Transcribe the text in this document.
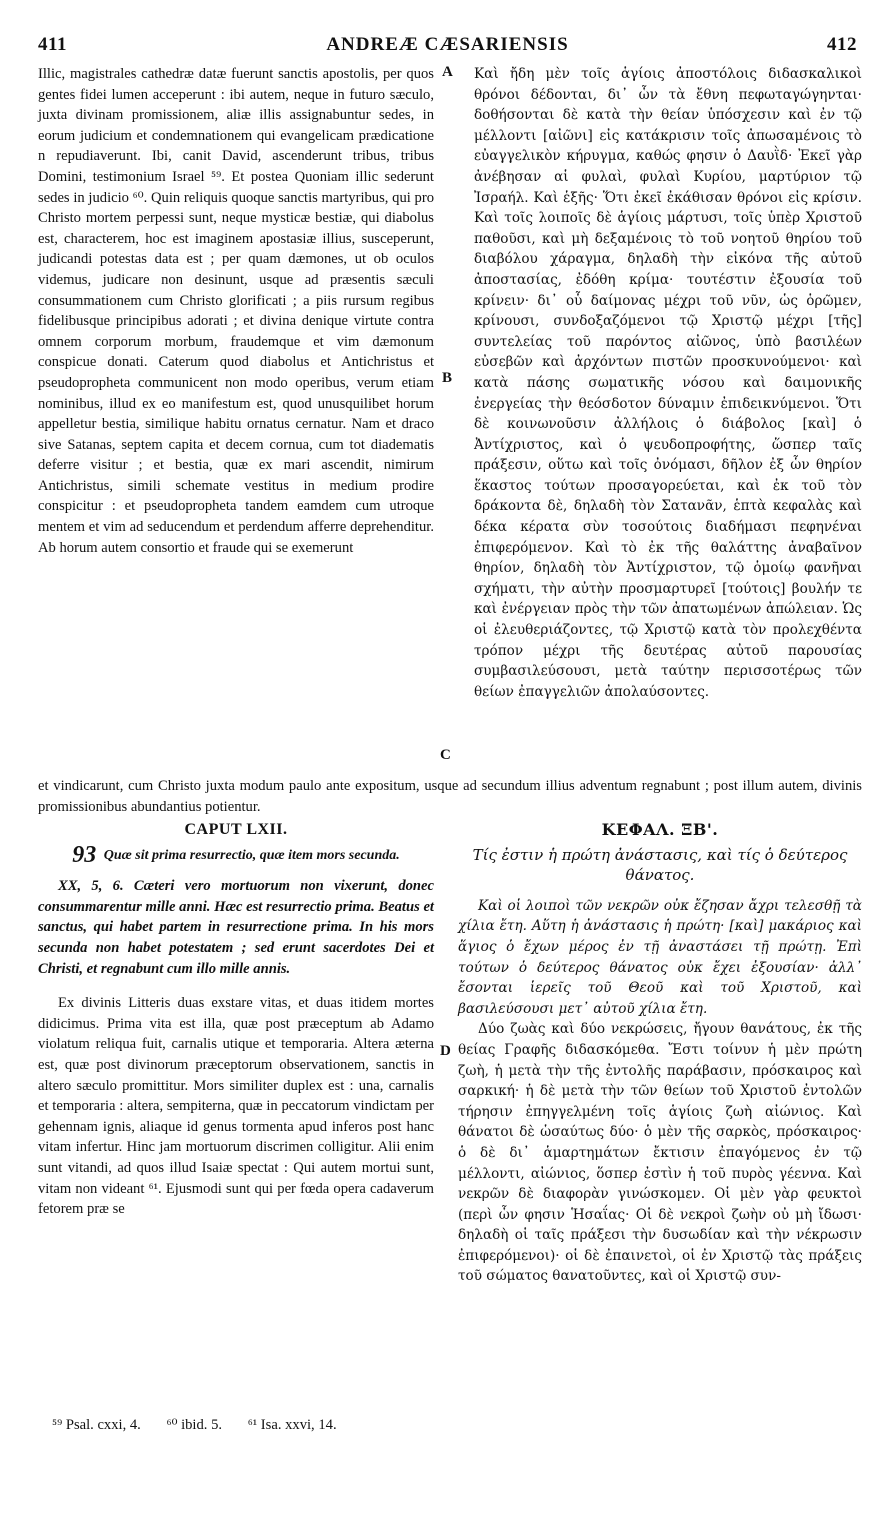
411	ANDREÆ CÆSARIENSIS	412
A
B
C
D
Illic, magistrales cathedræ datæ fuerunt sanctis apostolis, per quos gentes fidei lumen acceperunt : ibi autem, neque in futuro sæculo, juxta divinam promissionem, aliæ illis assignabuntur sedes, in eorum judicium et condemnationem qui evangelicam prædicatione n repudiaverunt. Ibi, canit David, ascenderunt tribus, tribus Domini, testimonium Israel ⁵⁹. Et postea Quoniam illic sederunt sedes in judicio ⁶⁰. Quin reliquis quoque sanctis martyribus, qui pro Christo mortem perpessi sunt, neque mysticæ bestiæ, qui diabolus est, characterem, hoc est imaginem apostasiæ illius, susceperunt, judicandi potestas data est ; per quam dæmones, ut ob oculos videmus, judicare non desinunt, usque ad præsentis sæculi consummationem cum Christo glorificati ; a piis rursum regibus fidelibusque principibus adorati ; et divina denique virtute contra omnem corporum morbum, fraudemque et vim dæmonum conspicue donati. Caterum quod diabolus et Antichristus et pseudopropheta communicent non modo operibus, verum etiam nominibus, illud ex eo manifestum est, quod unusquilibet horum appelletur bestia, similique habitu ornatus cernatur. Nam et draco sive Satanas, septem capita et decem cornua, cum tot diadematis deferre visitur ; et bestia, quæ ex mari ascendit, nimirum Antichristus, simili schemate vestitus in medium prodire conspicitur : et pseudopropheta tandem eamdem cum utroque mentem et vim ad seducendum et perdendum afferre deprehenditur. Ab horum autem consortio et fraude qui se exemerunt
Καὶ ἤδη μὲν τοῖς ἁγίοις ἀποστόλοις διδασκαλικοὶ θρόνοι δέδονται, δι᾽ ὧν τὰ ἔθνη πεφωταγώγηνται· δοθήσονται δὲ κατὰ τὴν θείαν ὑπόσχεσιν καὶ ἐν τῷ μέλλοντι [αἰῶνι] εἰς κατάκρισιν τοῖς ἀπωσαμένοις τὸ εὐαγγελικὸν κήρυγμα, καθώς φησιν ὁ Δαυῒδ· Ἐκεῖ γὰρ ἀνέβησαν αἱ φυλαὶ, φυλαὶ Κυρίου, μαρτύριον τῷ Ἰσραήλ. Καὶ ἑξῆς· Ὅτι ἐκεῖ ἐκάθισαν θρόνοι εἰς κρίσιν. Καὶ τοῖς λοιποῖς δὲ ἁγίοις μάρτυσι, τοῖς ὑπὲρ Χριστοῦ παθοῦσι, καὶ μὴ δεξαμένοις τὸ τοῦ νοητοῦ θηρίου τοῦ διαβόλου χάραγμα, δηλαδὴ τὴν εἰκόνα τῆς αὐτοῦ ἀποστασίας, ἐδόθη κρίμα· τουτέστιν ἐξουσία τοῦ κρίνειν· δι᾽ οὗ δαίμονας μέχρι τοῦ νῦν, ὡς ὁρῶμεν, κρίνουσι, συνδοξαζόμενοι τῷ Χριστῷ μέχρι [τῆς] συντελείας τοῦ παρόντος αἰῶνος, ὑπὸ βασιλέων εὐσεβῶν καὶ ἀρχόντων πιστῶν προσκυνούμενοι· καὶ κατὰ πάσης σωματικῆς νόσου καὶ δαιμονικῆς ἐνεργείας τὴν θεόσδοτον δύναμιν ἐπιδεικνύμενοι. Ὅτι δὲ κοινωνοῦσιν ἀλλήλοις ὁ διάβολος [καὶ] ὁ Ἀντίχριστος, καὶ ὁ ψευδοπροφήτης, ὥσπερ ταῖς πράξεσιν, οὕτω καὶ τοῖς ὀνόμασι, δῆλον ἐξ ὧν θηρίον ἕκαστος τούτων προσαγορεύεται, καὶ ἐκ τοῦ τὸν δράκοντα δὲ, δηλαδὴ τὸν Σατανᾶν, ἑπτὰ κεφαλὰς καὶ δέκα κέρατα σὺν τοσούτοις διαδήμασι πεφηνέναι ἐπιφερόμενον. Καὶ τὸ ἐκ τῆς θαλάττης ἀναβαῖνον θηρίον, δηλαδὴ τὸν Ἀντίχριστον, τῷ ὁμοίῳ φανῆναι σχήματι, τὴν αὐτὴν προσμαρτυρεῖ [τούτοις] βουλήν τε καὶ ἐνέργειαν πρὸς τὴν τῶν ἀπατωμένων ἀπώλειαν. Ὡς οἱ ἐλευθεριάζοντες, τῷ Χριστῷ κατὰ τὸν προλεχθέντα τρόπον μέχρι τῆς δευτέρας αὐτοῦ παρουσίας συμβασιλεύσουσι, μετὰ ταύτην περισσοτέρως τῶν θείων ἐπαγγελιῶν ἀπολαύσοντες.
et vindicarunt, cum Christo juxta modum paulo ante expositum, usque ad secundum illius adventum regnabunt ; post illum autem, divinis promissionibus abundantius potientur.
CAPUT LXII.
93 Quæ sit prima resurrectio, quæ item mors secunda.
XX, 5, 6. Cæteri vero mortuorum non vixerunt, donec consummarentur mille anni. Hæc est resurrectio prima. Beatus et sanctus, qui habet partem in resurrectione prima. In his mors secunda non habet potestatem ; sed erunt sacerdotes Dei et Christi, et regnabunt cum illo mille annis.
Ex divinis Litteris duas exstare vitas, et duas itidem mortes didicimus. Prima vita est illa, quæ post præceptum ab Adamo violatum reliqua fuit, carnalis utique et temporaria. Altera æterna est, quæ post divinorum præceptorum observationem, sanctis in altero sæculo promittitur. Mors similiter duplex est : una, carnalis et temporaria : altera, sempiterna, quæ in peccatorum vindictam per gehennam ignis, aliaque id genus tormenta apud inferos post hanc vitam infertur. Hinc jam mortuorum discrimen colligitur. Alii enim sunt vitandi, ad quos illud Isaiæ spectat : Qui autem mortui sunt, vitam non videant ⁶¹. Ejusmodi sunt qui per fœda opera cadaverum fetorem præ se
ΚΕΦΑΛ. ΞΒ'.
Τίς ἐστιν ἡ πρώτη ἀνάστασις, καὶ τίς ὁ δεύτερος θάνατος.
Καὶ οἱ λοιποὶ τῶν νεκρῶν οὐκ ἔζησαν ἄχρι τελεσθῇ τὰ χίλια ἔτη. Αὕτη ἡ ἀνάστασις ἡ πρώτη· [καὶ] μακάριος καὶ ἅγιος ὁ ἔχων μέρος ἐν τῇ ἀναστάσει τῇ πρώτῃ. Ἐπὶ τούτων ὁ δεύτερος θάνατος οὐκ ἔχει ἐξουσίαν· ἀλλ᾽ ἔσονται ἱερεῖς τοῦ Θεοῦ καὶ τοῦ Χριστοῦ, καὶ βασιλεύσουσι μετ᾽ αὐτοῦ χίλια ἔτη.
Δύο ζωὰς καὶ δύο νεκρώσεις, ἤγουν θανάτους, ἐκ τῆς θείας Γραφῆς διδασκόμεθα. Ἔστι τοίνυν ἡ μὲν πρώτη ζωὴ, ἡ μετὰ τὴν τῆς ἐντολῆς παράβασιν, πρόσκαιρος καὶ σαρκική· ἡ δὲ μετὰ τὴν τῶν θείων τοῦ Χριστοῦ ἐντολῶν τήρησιν ἐπηγγελμένη τοῖς ἁγίοις ζωὴ αἰώνιος. Καὶ θάνατοι δὲ ὡσαύτως δύο· ὁ μὲν τῆς σαρκὸς, πρόσκαιρος· ὁ δὲ δι᾽ ἁμαρτημάτων ἔκτισιν ἐπαγόμενος ἐν τῷ μέλλοντι, αἰώνιος, ὅσπερ ἐστὶν ἡ τοῦ πυρὸς γέεννα. Καὶ νεκρῶν δὲ διαφορὰν γινώσκομεν. Οἱ μὲν γὰρ φευκτοὶ (περὶ ὧν φησιν Ἡσαΐας· Οἱ δὲ νεκροὶ ζωὴν οὐ μὴ ἴδωσι· δηλαδὴ οἱ ταῖς πράξεσι τὴν δυσωδίαν καὶ τὴν νέκρωσιν ἐπιφερόμενοι)· οἱ δὲ ἐπαινετοὶ, οἱ ἐν Χριστῷ τὰς πράξεις τοῦ σώματος θανατοῦντες, καὶ οἱ Χριστῷ συν-
⁵⁹ Psal. cxxi, 4. ⁶⁰ ibid. 5. ⁶¹ Isa. xxvi, 14.
